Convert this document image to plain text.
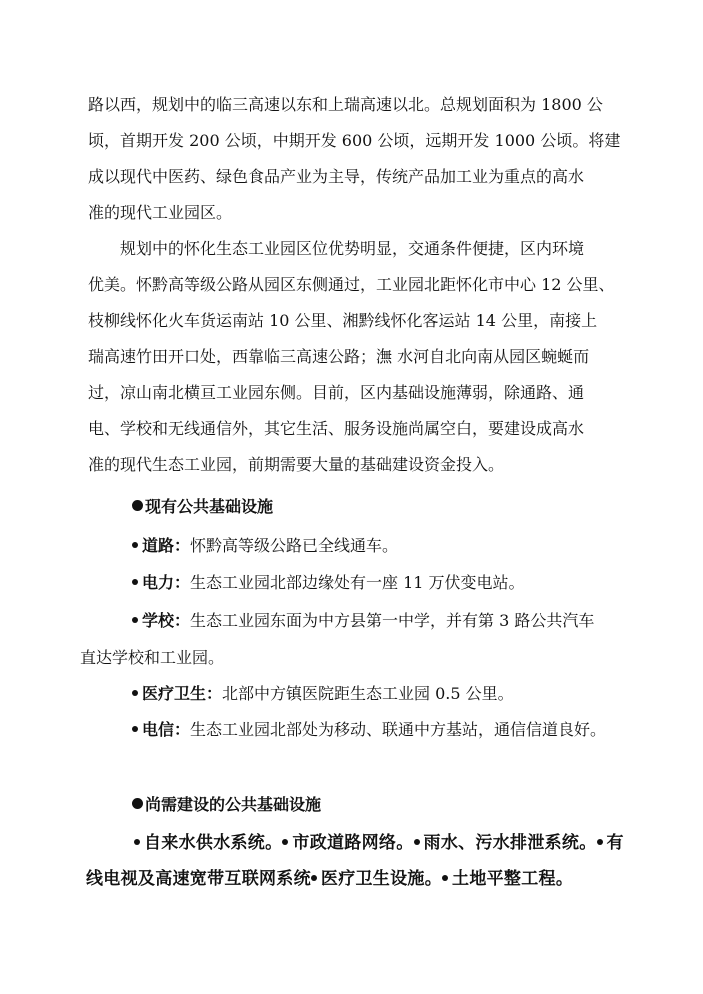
路以西，规划中的临三高速以东和上瑞高速以北。总规划面积为 1800 公
顷，首期开发 200 公顷，中期开发 600 公顷，远期开发 1000 公顷。将建
成以现代中医药、绿色食品产业为主导，传统产品加工业为重点的高水
准的现代工业园区。
规划中的怀化生态工业园区位优势明显，交通条件便捷，区内环境
优美。怀黔高等级公路从园区东侧通过，工业园北距怀化市中心 12 公里、
枝柳线怀化火车货运南站 10 公里、湘黔线怀化客运站 14 公里，南接上
瑞高速竹田开口处，西靠临三高速公路；潕 水河自北向南从园区蜿蜒而
过，凉山南北横亘工业园东侧。目前，区内基础设施薄弱，除通路、通
电、学校和无线通信外，其它生活、服务设施尚属空白，要建设成高水
准的现代生态工业园，前期需要大量的基础建设资金投入。
现有公共基础设施
道路：怀黔高等级公路已全线通车。
电力：生态工业园北部边缘处有一座 11 万伏变电站。
学校：生态工业园东面为中方县第一中学，并有第 3 路公共汽车
直达学校和工业园。
医疗卫生：北部中方镇医院距生态工业园 0.5 公里。
电信：生态工业园北部处为移动、联通中方基站，通信信道良好。
尚需建设的公共基础设施
自来水供水系统。 市政道路网络。 雨水、污水排泄系统。 有
线电视及高速宽带互联网系统 医疗卫生设施。 土地平整工程。
